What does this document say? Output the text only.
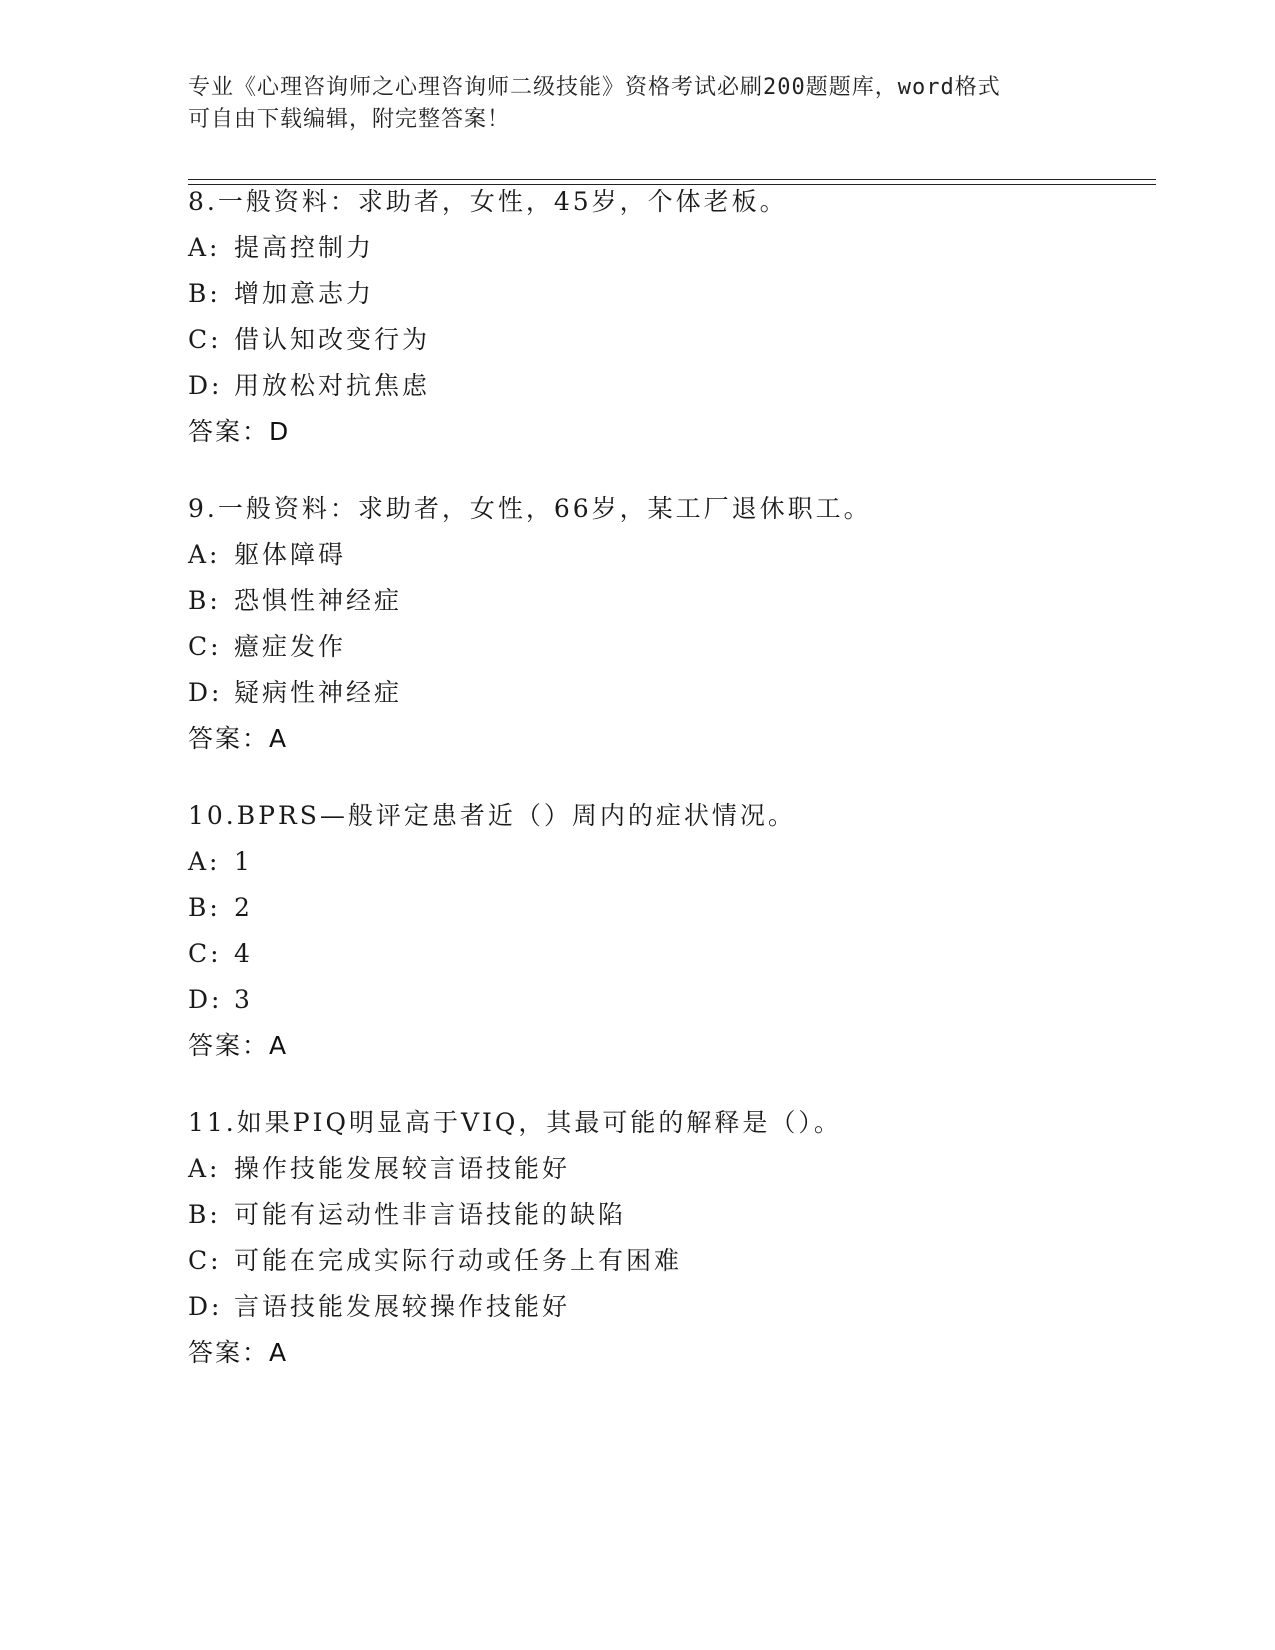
专业《心理咨询师之心理咨询师二级技能》资格考试必刷200题题库，word格式
可自由下载编辑，附完整答案！
8.一般资料：求助者，女性，45岁，个体老板。
A: 提高控制力
B: 增加意志力
C: 借认知改变行为
D: 用放松对抗焦虑
答案：D
9.一般资料：求助者，女性，66岁，某工厂退休职工。
A: 躯体障碍
B: 恐惧性神经症
C: 癔症发作
D: 疑病性神经症
答案：A
10.BPRS—般评定患者近（）周内的症状情况。
A: 1
B: 2
C: 4
D: 3
答案：A
11.如果PIQ明显高于VIQ，其最可能的解释是（）。
A: 操作技能发展较言语技能好
B: 可能有运动性非言语技能的缺陷
C: 可能在完成实际行动或任务上有困难
D: 言语技能发展较操作技能好
答案：A
